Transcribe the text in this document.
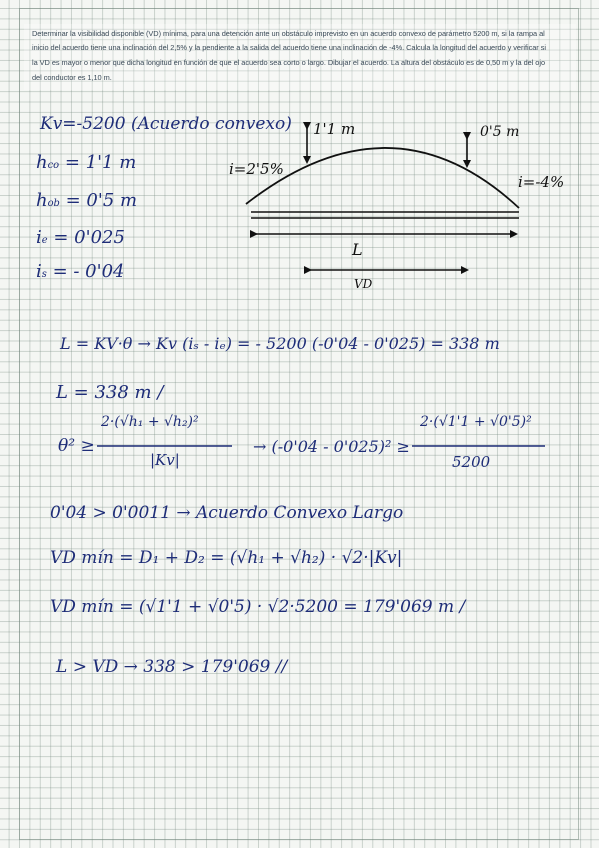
Determinar la visibilidad disponible (VD) mínima, para una detención ante un obstáculo imprevisto en un acuerdo convexo de parámetro 5200 m, si la rampa al
inicio del acuerdo tiene una inclinación del 2,5% y la pendiente a la salida del acuerdo tiene una inclinación de -4%. Calcula la longitud del acuerdo y verificar si
la VD es mayor o menor que dicha longitud en función de que el acuerdo sea corto o largo. Dibujar el acuerdo. La altura del obstáculo es de 0,50 m y la del ojo
del conductor es 1,10 m.
Kv=-5200 (Acuerdo convexo)
hco = 1'1 m
hob = 0'5 m
ie = 0'025
is = - 0'04
1'1 m	0'5 m
i=2'5%
i=-4%
L
VD
L = KV·θ → Kv (iₛ - iₑ) = - 5200 (-0'04 - 0'025) = 338 m
L = 338 m /
θ² ≥
2·(√h₁ + √h₂)²
|Kv|
→ (-0'04 - 0'025)² ≥
2·(√1'1 + √0'5)²
5200
0'04 > 0'0011 → Acuerdo Convexo Largo
VD mín = D₁ + D₂ = (√h₁ + √h₂) · √2·|Kv|
VD mín = (√1'1 + √0'5) · √2·5200 = 179'069 m /
L > VD → 338 > 179'069 //
